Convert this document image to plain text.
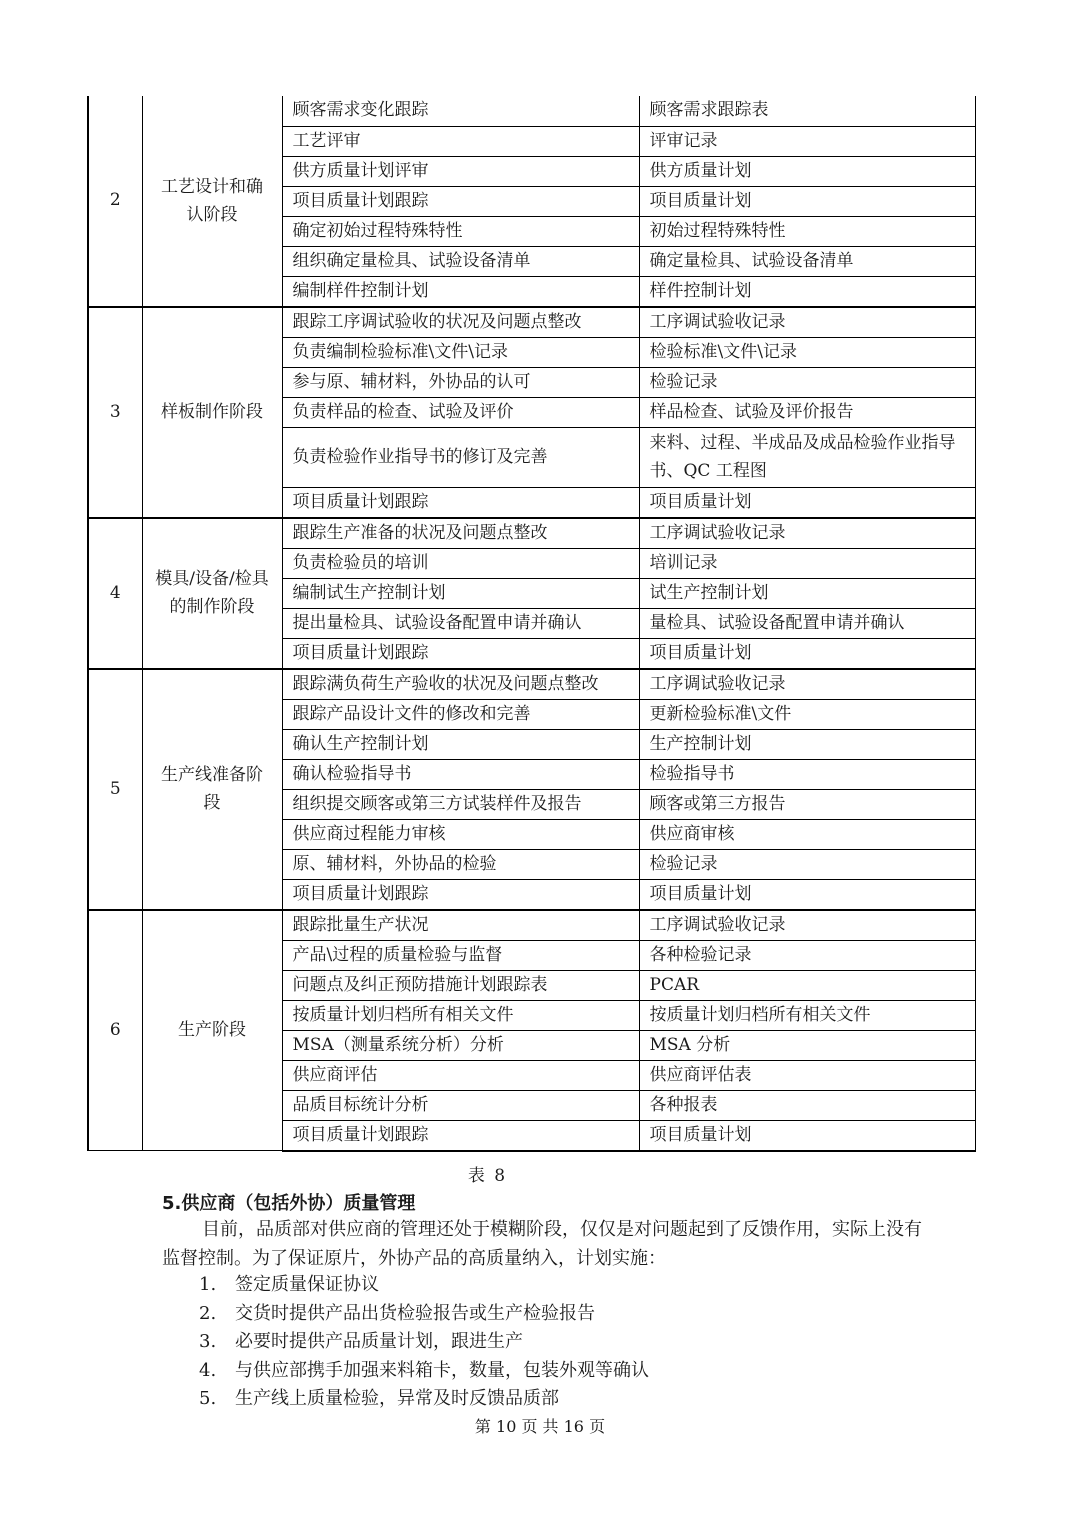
2	工艺设计和确认阶段	顾客需求变化跟踪	顾客需求跟踪表
		工艺评审	评审记录
		供方质量计划评审	供方质量计划
		项目质量计划跟踪	项目质量计划
		确定初始过程特殊特性	初始过程特殊特性
		组织确定量检具、试验设备清单	确定量检具、试验设备清单
		编制样件控制计划	样件控制计划
3	样板制作阶段	跟踪工序调试验收的状况及问题点整改	工序调试验收记录
		负责编制检验标准\文件\记录	检验标准\文件\记录
		参与原、辅材料，外协品的认可	检验记录
		负责样品的检查、试验及评价	样品检查、试验及评价报告
		负责检验作业指导书的修订及完善	来料、过程、半成品及成品检验作业指导书、QC 工程图
		项目质量计划跟踪	项目质量计划
4	模具/设备/检具的制作阶段	跟踪生产准备的状况及问题点整改	工序调试验收记录
		负责检验员的培训	培训记录
		编制试生产控制计划	试生产控制计划
		提出量检具、试验设备配置申请并确认	量检具、试验设备配置申请并确认
		项目质量计划跟踪	项目质量计划
5	生产线准备阶段	跟踪满负荷生产验收的状况及问题点整改	工序调试验收记录
		跟踪产品设计文件的修改和完善	更新检验标准\文件
		确认生产控制计划	生产控制计划
		确认检验指导书	检验指导书
		组织提交顾客或第三方试装样件及报告	顾客或第三方报告
		供应商过程能力审核	供应商审核
		原、辅材料，外协品的检验	检验记录
		项目质量计划跟踪	项目质量计划
6	生产阶段	跟踪批量生产状况	工序调试验收记录
		产品\过程的质量检验与监督	各种检验记录
		问题点及纠正预防措施计划跟踪表	PCAR
		按质量计划归档所有相关文件	按质量计划归档所有相关文件
		MSA（测量系统分析）分析	MSA 分析
		供应商评估	供应商评估表
		品质目标统计分析	各种报表
		项目质量计划跟踪	项目质量计划
表 8
5.供应商（包括外协）质量管理
目前，品质部对供应商的管理还处于模糊阶段，仅仅是对问题起到了反馈作用，实际上没有监督控制。为了保证原片，外协产品的高质量纳入，计划实施：
1. 签定质量保证协议
2. 交货时提供产品出货检验报告或生产检验报告
3. 必要时提供产品质量计划，跟进生产
4. 与供应部携手加强来料箱卡，数量，包装外观等确认
5. 生产线上质量检验，异常及时反馈品质部
第 10 页 共 16 页
